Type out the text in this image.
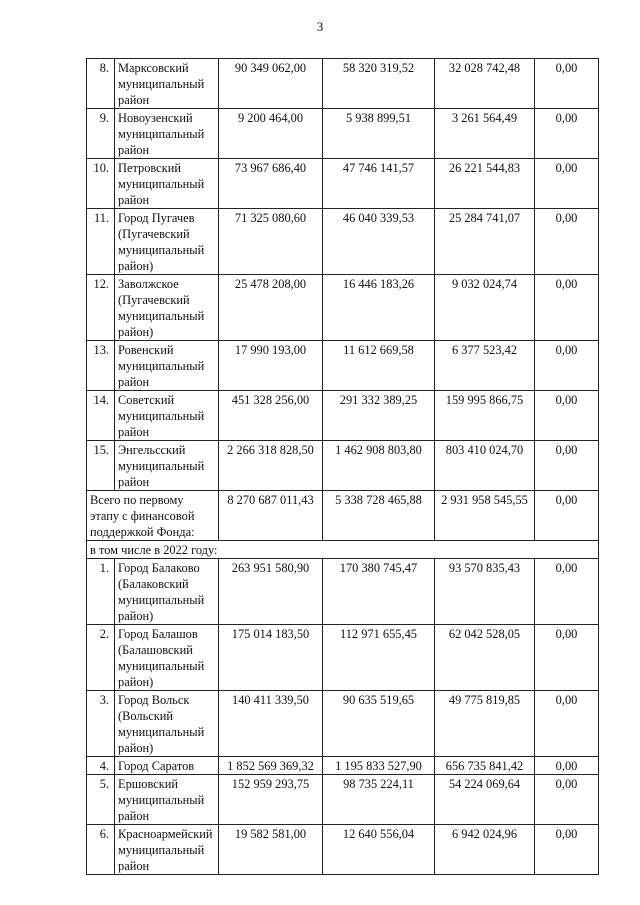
3
8.	Марксовский
муниципальный
район	90 349 062,00	58 320 319,52	32 028 742,48	0,00
9.	Новоузенский
муниципальный
район	9 200 464,00	5 938 899,51	3 261 564,49	0,00
10.	Петровский
муниципальный
район	73 967 686,40	47 746 141,57	26 221 544,83	0,00
11.	Город Пугачев
(Пугачевский
муниципальный
район)	71 325 080,60	46 040 339,53	25 284 741,07	0,00
12.	Заволжское
(Пугачевский
муниципальный
район)	25 478 208,00	16 446 183,26	9 032 024,74	0,00
13.	Ровенский
муниципальный
район	17 990 193,00	11 612 669,58	6 377 523,42	0,00
14.	Советский
муниципальный
район	451 328 256,00	291 332 389,25	159 995 866,75	0,00
15.	Энгельсский
муниципальный
район	2 266 318 828,50	1 462 908 803,80	803 410 024,70	0,00
Всего по первому
этапу с финансовой
поддержкой Фонда:		8 270 687 011,43	5 338 728 465,88	2 931 958 545,55	0,00
в том числе в 2022 году:					
1.	Город Балаково
(Балаковский
муниципальный
район)	263 951 580,90	170 380 745,47	93 570 835,43	0,00
2.	Город Балашов
(Балашовский
муниципальный
район)	175 014 183,50	112 971 655,45	62 042 528,05	0,00
3.	Город Вольск
(Вольский
муниципальный
район)	140 411 339,50	90 635 519,65	49 775 819,85	0,00
4.	Город Саратов	1 852 569 369,32	1 195 833 527,90	656 735 841,42	0,00
5.	Ершовский
муниципальный
район	152 959 293,75	98 735 224,11	54 224 069,64	0,00
6.	Красноармейский
муниципальный
район	19 582 581,00	12 640 556,04	6 942 024,96	0,00
